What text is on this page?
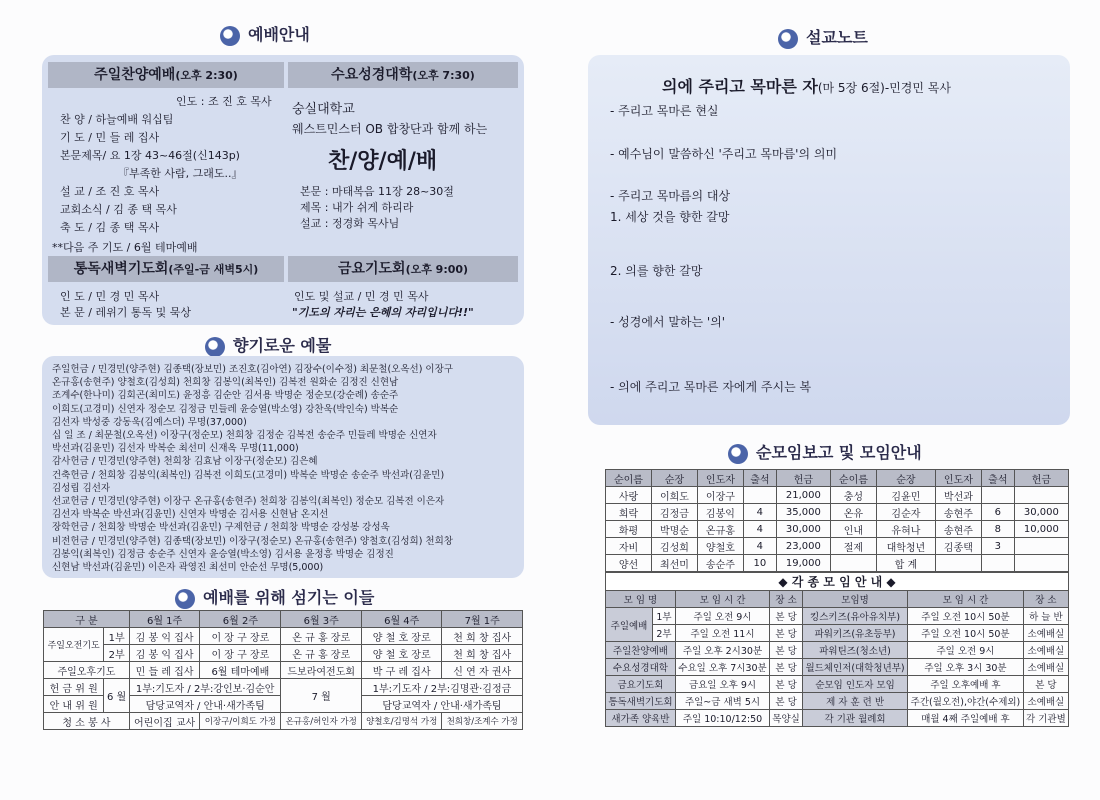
예배안내
주일찬양예배(오후 2:30)	수요성경대학(오후 7:30)
인도 : 조 진 호 목사
찬 양 / 하늘예배 워십팀
기 도 / 민 들 레 집사
본문제목/ 요 1장 43~46절(신143p)
『부족한 사람, 그래도..』
설 교 / 조 진 호 목사
교회소식 / 김 종 택 목사
축 도 / 김 종 택 목사
**다음 주 기도 / 6월 테마예배
숭실대학교
웨스트민스터 OB 합창단과 함께 하는
찬/양/예/배
본문 : 마태복음 11장 28~30절
제목 : 내가 쉬게 하리라
설교 : 정경화 목사님
통독새벽기도회(주일-금 새벽5시)	금요기도회(오후 9:00)
인 도 / 민 경 민 목사
본 문 / 레위기 통독 및 묵상
인도 및 설교 / 민 경 민 목사
"기도의 자리는 은혜의 자리입니다!!"
향기로운 예물
주일헌금 / 민경민(양주현) 김종택(장보민) 조진호(김아연) 김장수(이수정) 최문철(오옥선) 이장구
온규홍(송현주) 양철호(김성희) 천희창 김봉익(최복인) 김복전 원화순 김정진 신현남
조계수(한나미) 김회곤(최미도) 윤정흥 김순안 김서용 박명순 정순모(강순례) 송순주
이희도(고경미) 신연자 정순모 김정금 민들레 윤승열(박소영) 강찬욱(박인숙) 박복순
김선자 박성중 강동욱(김예스더) 무명(37,000)
십 일 조 / 최문철(오옥선) 이장구(정순모) 천희창 김정순 김복전 송순주 민들레 박명순 신연자
박선과(김윤민) 김선자 박복순 최선미 신재옥 무명(11,000)
감사헌금 / 민경민(양주현) 천희창 김효남 이장구(정순모) 김은혜
건축헌금 / 천희창 김봉익(최복인) 김복전 이희도(고경미) 박복순 박명순 송순주 박선과(김윤민)
김성립 김선자
선교헌금 / 민경민(양주현) 이장구 온규홍(송현주) 천희창 김봉익(최복인) 정순모 김복전 이은자
김선자 박복순 박선과(김윤민) 신연자 박명순 김서용 신현남 온지선
장학헌금 / 천희창 박명순 박선과(김윤민) 구제헌금 / 천희창 박명순 강성봉 강성욱
비전헌금 / 민경민(양주현) 김종택(장보민) 이장구(정순모) 온규홍(송현주) 양철호(김성희) 천희창
김봉익(최복인) 김정금 송순주 신연자 윤승열(박소영) 김서용 윤정흥 박명순 김정진
신현남 박선과(김윤민) 이은자 곽영진 최선미 안순선 무명(5,000)
예배를 위해 섬기는 이들
구 분		6월 1주	6월 2주	6월 3주	6월 4주	7월 1주
주일오전기도	1부	김 봉 익 집사	이 장 구 장로	온 규 홍 장로	양 철 호 장로	천 희 창 집사
	2부	김 봉 익 집사	이 장 구 장로	온 규 홍 장로	양 철 호 장로	천 희 창 집사
주일오후기도		민 들 레 집사	6월 테마예배	드보라여전도회	박 구 레 집사	신 연 자 권사
헌 금 위 원	6 월	1부:기도자 / 2부:강인보·김순안		7 월	1부:기도자 / 2부:김명관·김정금	
안 내 위 원		담당교역자 / 안내·새가족팀			담당교역자 / 안내·새가족팀	
청 소 봉 사		어린이집 교사	이장구/이희도 가정	온규홍/허인자 가정	양철호/김명석 가정	천희창/조계수 가정
설교노트
의에 주리고 목마른 자(마 5장 6절)-민경민 목사
- 주리고 목마른 현실
- 예수님이 말씀하신 '주리고 목마름'의 의미
- 주리고 목마름의 대상
1. 세상 것을 향한 갈망
2. 의를 향한 갈망
- 성경에서 말하는 '의'
- 의에 주리고 목마른 자에게 주시는 복
순모임보고 및 모임안내
순이름	순장	인도자	출석	헌금	순이름	순장	인도자	출석	헌금
사랑	이희도	이장구		21,000	충성	김윤민	박선과		
희락	김정금	김봉익	4	35,000	온유	김순자	송현주	6	30,000
화평	박명순	온규홍	4	30,000	인내	유혀나	송현주	8	10,000
자비	김성희	양철호	4	23,000	절제	대학청년	김종택	3	
양선	최선미	송순주	10	19,000		합 계			
◆ 각 종 모 임 안 내 ◆						
모 임 명		모 임 시 간	장 소	모임명	모 임 시 간	장 소
주일예배	1부	주일 오전 9시	본 당	킹스키즈(유아유치부)	주일 오전 10시 50분	하 늘 반
	2부	주일 오전 11시	본 당	파워키즈(유초등부)	주일 오전 10시 50분	소예배실
주일찬양예배		주일 오후 2시30분	본 당	파워틴즈(청소년)	주일 오전 9시	소예배실
수요성경대학		수요일 오후 7시30분	본 당	월드체인저(대학청년부)	주일 오후 3시 30분	소예배실
금요기도회		금요일 오후 9시	본 당	순모임 인도자 모임	주일 오후예배 후	본 당
통독새벽기도회		주일~금 새벽 5시	본 당	제 자 훈 련 반	주간(월오전),야간(수제외)	소예배실
새가족 양육반		주일 10:10/12:50	목양실	각 기관 월례회	매월 4째 주일예배 후	각 기관별
